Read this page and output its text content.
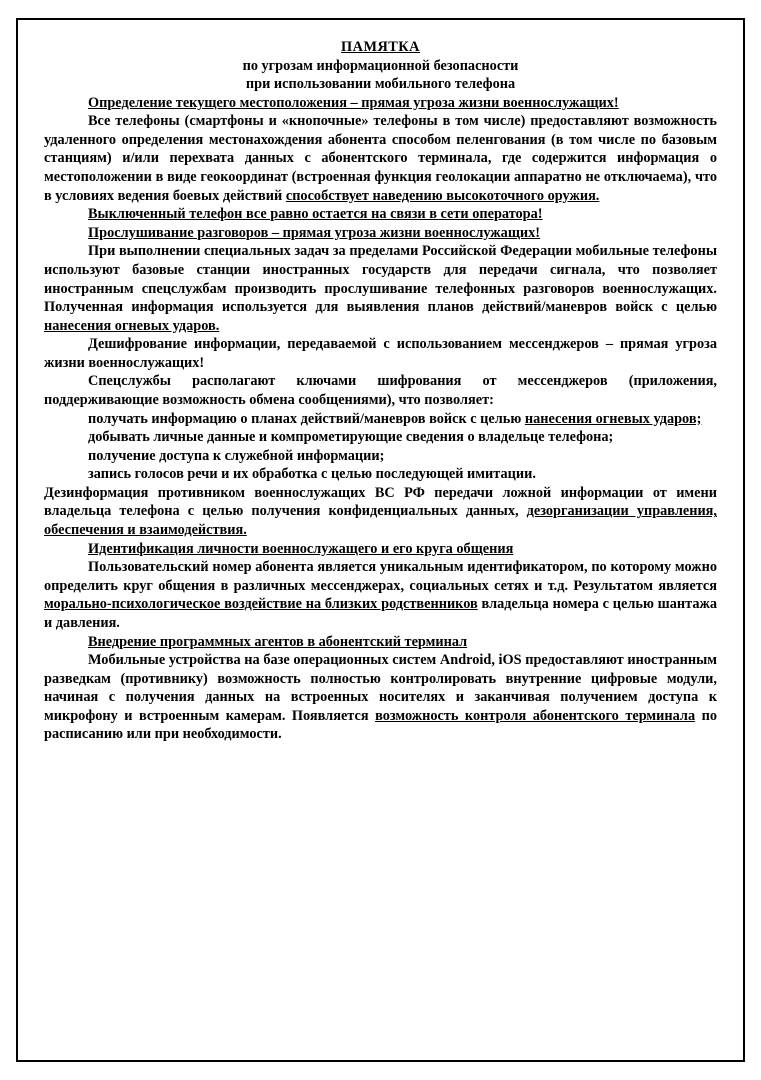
ПАМЯТКА

по угрозам информационной безопасности

при использовании мобильного телефона

Определение текущего местоположения – прямая угроза жизни военнослужащих!

Все телефоны (смартфоны и «кнопочные» телефоны в том числе) предоставляют возможность удаленного определения местонахождения абонента способом пеленгования (в том числе по базовым станциям) и/или перехвата данных с абонентского терминала, где содержится информация о местоположении в виде геокоординат (встроенная функция геолокации аппаратно не отключаема), что в условиях ведения боевых действий способствует наведению высокоточного оружия.

Выключенный телефон все равно остается на связи в сети оператора!

Прослушивание разговоров – прямая угроза жизни военнослужащих!

При выполнении специальных задач за пределами Российской Федерации мобильные телефоны используют базовые станции иностранных государств для передачи сигнала, что позволяет иностранным спецслужбам производить прослушивание телефонных разговоров военнослужащих. Полученная информация используется для выявления планов действий/маневров войск с целью нанесения огневых ударов.

Дешифрование информации, передаваемой с использованием мессенджеров – прямая угроза жизни военнослужащих!

Спецслужбы располагают ключами шифрования от мессенджеров (приложения, поддерживающие возможность обмена сообщениями), что позволяет:

получать информацию о планах действий/маневров войск с целью нанесения огневых ударов;

добывать личные данные и компрометирующие сведения о владельце телефона;

получение доступа к служебной информации;

запись голосов речи и их обработка с целью последующей имитации.

Дезинформация противником военнослужащих ВС РФ передачи ложной информации от имени владельца телефона с целью получения конфиденциальных данных, дезорганизации управления, обеспечения и взаимодействия.

Идентификация личности военнослужащего и его круга общения

Пользовательский номер абонента является уникальным идентификатором, по которому можно определить круг общения в различных мессенджерах, социальных сетях и т.д. Результатом является морально-психологическое воздействие на близких родственников владельца номера с целью шантажа и давления.

Внедрение программных агентов в абонентский терминал

Мобильные устройства на базе операционных систем Android, iOS предоставляют иностранным разведкам (противнику) возможность полностью контролировать внутренние цифровые модули, начиная с получения данных на встроенных носителях и заканчивая получением доступа к микрофону и встроенным камерам. Появляется возможность контроля абонентского терминала по расписанию или при необходимости.
